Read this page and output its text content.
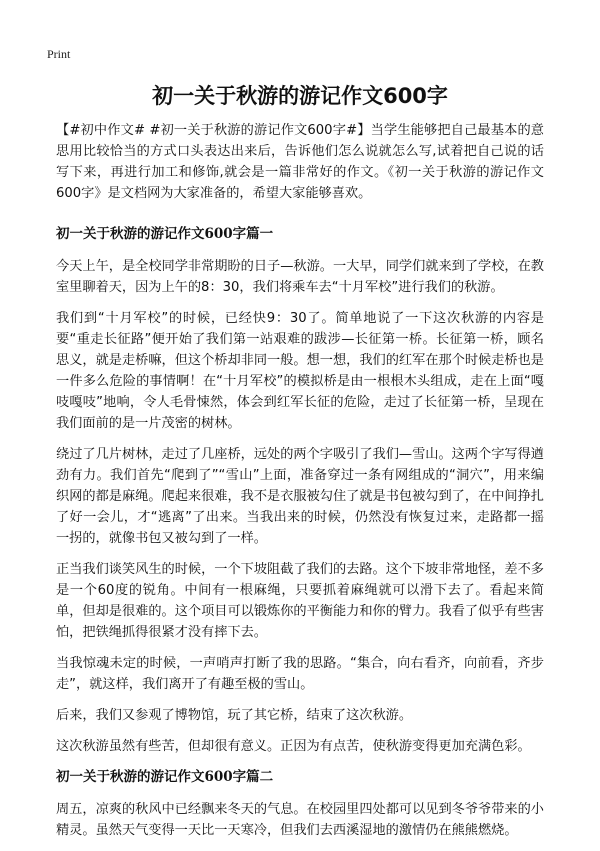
Print
初一关于秋游的游记作文600字

【#初中作文# #初一关于秋游的游记作文600字#】当学生能够把自己最基本的意思用比较恰当的方式口头表达出来后，告诉他们怎么说就怎么写,试着把自己说的话写下来，再进行加工和修饰,就会是一篇非常好的作文。《初一关于秋游的游记作文600字》是文档网为大家准备的，希望大家能够喜欢。

初一关于秋游的游记作文600字篇一

今天上午，是全校同学非常期盼的日子—秋游。一大早，同学们就来到了学校，在教室里聊着天，因为上午的8：30，我们将乘车去“十月军校”进行我们的秋游。

我们到“十月军校”的时候，已经快9：30了。简单地说了一下这次秋游的内容是要“重走长征路”便开始了我们第一站艰难的跋涉—长征第一桥。长征第一桥，顾名思义，就是走桥嘛，但这个桥却非同一般。想一想，我们的红军在那个时候走桥也是一件多么危险的事情啊！在“十月军校”的模拟桥是由一根根木头组成，走在上面“嘎吱嘎吱”地响，令人毛骨悚然，体会到红军长征的危险，走过了长征第一桥，呈现在我们面前的是一片茂密的树林。

绕过了几片树林，走过了几座桥，远处的两个字吸引了我们—雪山。这两个字写得遒劲有力。我们首先“爬到了”“雪山”上面，准备穿过一条有网组成的“洞穴”，用来编织网的都是麻绳。爬起来很难，我不是衣服被勾住了就是书包被勾到了，在中间挣扎了好一会儿，才“逃离”了出来。当我出来的时候，仍然没有恢复过来，走路都一摇一拐的，就像书包又被勾到了一样。

正当我们谈笑风生的时候，一个下坡阻截了我们的去路。这个下坡非常地怪，差不多是一个60度的锐角。中间有一根麻绳，只要抓着麻绳就可以滑下去了。看起来简单，但却是很难的。这个项目可以锻炼你的平衡能力和你的臂力。我看了似乎有些害怕，把铁绳抓得很紧才没有摔下去。

当我惊魂未定的时候，一声哨声打断了我的思路。“集合，向右看齐，向前看，齐步走”，就这样，我们离开了有趣至极的雪山。

后来，我们又参观了博物馆，玩了其它桥，结束了这次秋游。

这次秋游虽然有些苦，但却很有意义。正因为有点苦，使秋游变得更加充满色彩。

初一关于秋游的游记作文600字篇二

周五，凉爽的秋风中已经飘来冬天的气息。在校园里四处都可以见到冬爷爷带来的小精灵。虽然天气变得一天比一天寒冷，但我们去西溪湿地的激情仍在熊熊燃烧。
